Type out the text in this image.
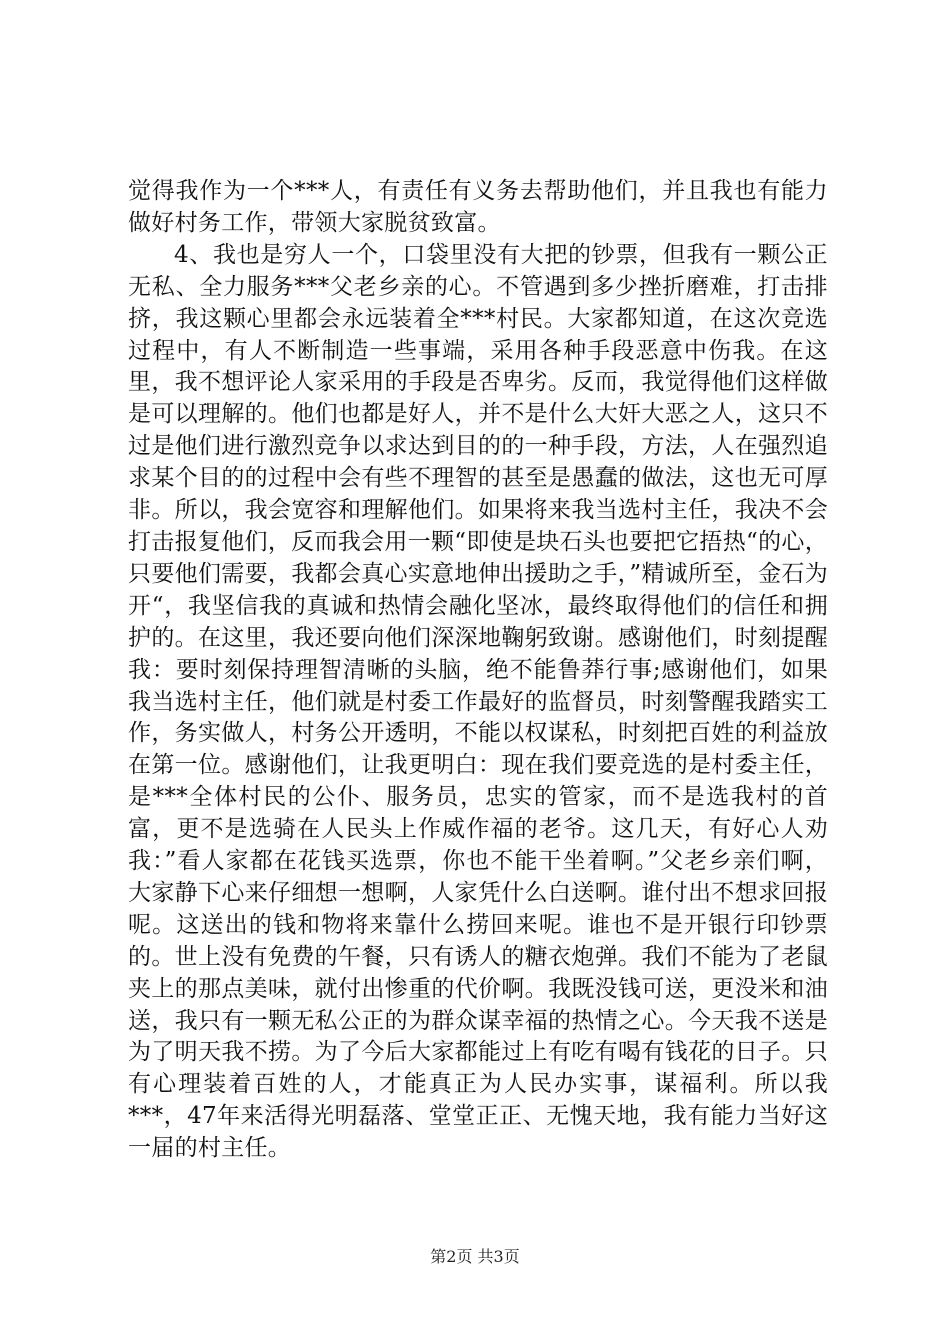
觉得我作为一个***人，有责任有义务去帮助他们，并且我也有能力做好村务工作，带领大家脱贫致富。

4、我也是穷人一个，口袋里没有大把的钞票，但我有一颗公正无私、全力服务***父老乡亲的心。不管遇到多少挫折磨难，打击排挤，我这颗心里都会永远装着全***村民。大家都知道，在这次竞选过程中，有人不断制造一些事端，采用各种手段恶意中伤我。在这里，我不想评论人家采用的手段是否卑劣。反而，我觉得他们这样做是可以理解的。他们也都是好人，并不是什么大奸大恶之人，这只不过是他们进行激烈竞争以求达到目的的一种手段，方法，人在强烈追求某个目的的过程中会有些不理智的甚至是愚蠢的做法，这也无可厚非。所以，我会宽容和理解他们。如果将来我当选村主任，我决不会打击报复他们，反而我会用一颗“即使是块石头也要把它捂热“的心，只要他们需要，我都会真心实意地伸出援助之手，”精诚所至，金石为开“，我坚信我的真诚和热情会融化坚冰，最终取得他们的信任和拥护的。在这里，我还要向他们深深地鞠躬致谢。感谢他们，时刻提醒我：要时刻保持理智清晰的头脑，绝不能鲁莽行事;感谢他们，如果我当选村主任，他们就是村委工作最好的监督员，时刻警醒我踏实工作，务实做人，村务公开透明，不能以权谋私，时刻把百姓的利益放在第一位。感谢他们，让我更明白：现在我们要竞选的是村委主任，是***全体村民的公仆、服务员，忠实的管家，而不是选我村的首富，更不是选骑在人民头上作威作福的老爷。这几天，有好心人劝我：”看人家都在花钱买选票，你也不能干坐着啊。”父老乡亲们啊，大家静下心来仔细想一想啊，人家凭什么白送啊。谁付出不想求回报呢。这送出的钱和物将来靠什么捞回来呢。谁也不是开银行印钞票的。世上没有免费的午餐，只有诱人的糖衣炮弹。我们不能为了老鼠夹上的那点美味，就付出惨重的代价啊。我既没钱可送，更没米和油送，我只有一颗无私公正的为群众谋幸福的热情之心。今天我不送是为了明天我不捞。为了今后大家都能过上有吃有喝有钱花的日子。只有心理装着百姓的人，才能真正为人民办实事，谋福利。所以我***，47年来活得光明磊落、堂堂正正、无愧天地，我有能力当好这一届的村主任。

第2页 共3页
